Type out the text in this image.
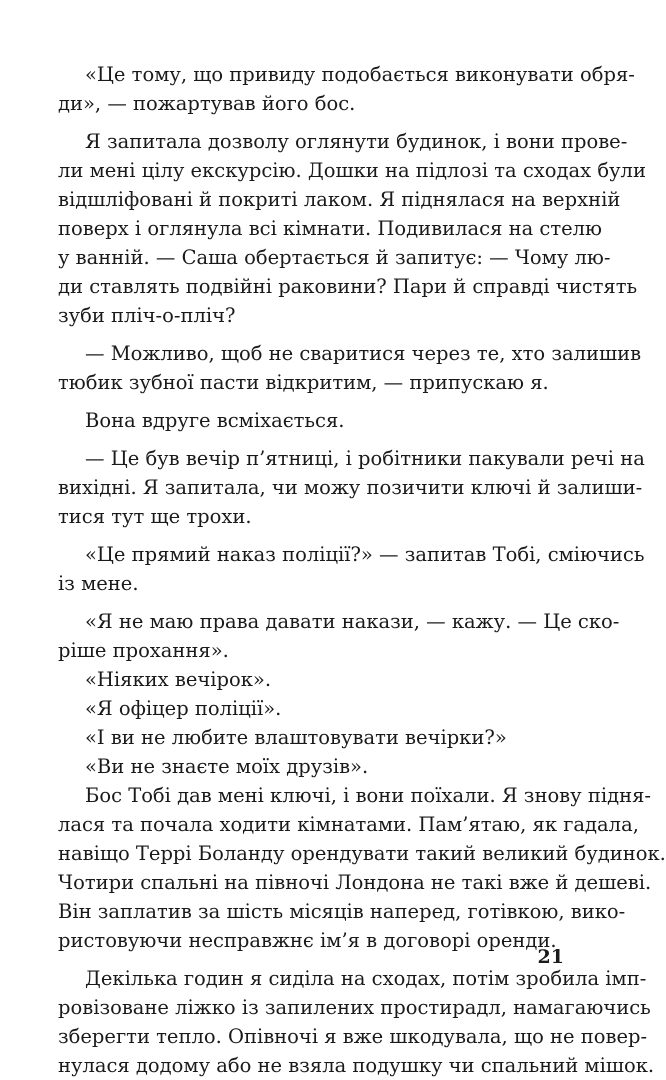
«Це тому, що привиду подобається виконувати обря-
ди», — пожартував його бос.
Я запитала дозволу оглянути будинок, і вони прове-
ли мені цілу екскурсію. Дошки на підлозі та сходах були
відшліфовані й покриті лаком. Я піднялася на верхній
поверх і оглянула всі кімнати. Подивилася на стелю
у ванній. — Саша обертається й запитує: — Чому лю-
ди ставлять подвійні раковини? Пари й справді чистять
зуби пліч-о-пліч?
— Можливо, щоб не сваритися через те, хто залишив
тюбик зубної пасти відкритим, — припускаю я.
Вона вдруге всміхається.
— Це був вечір п’ятниці, і робітники пакували речі на
вихідні. Я запитала, чи можу позичити ключі й залиши-
тися тут ще трохи.
«Це прямий наказ поліції?» — запитав Тобі, сміючись
із мене.
«Я не маю права давати накази, — кажу. — Це ско-
ріше прохання».
«Ніяких вечірок».
«Я офіцер поліції».
«І ви не любите влаштовувати вечірки?»
«Ви не знаєте моїх друзів».
Бос Тобі дав мені ключі, і вони поїхали. Я знову підня-
лася та почала ходити кімнатами. Пам’ятаю, як гадала,
навіщо Террі Боланду орендувати такий великий будинок.
Чотири спальні на півночі Лондона не такі вже й дешеві.
Він заплатив за шість місяців наперед, готівкою, вико-
ристовуючи несправжнє ім’я в договорі оренди.
Декілька годин я сиділа на сходах, потім зробила імп-
ровізоване ліжко із запилених простирадл, намагаючись
зберегти тепло. Опівночі я вже шкодувала, що не повер-
нулася додому або не взяла подушку чи спальний мішок.
21
